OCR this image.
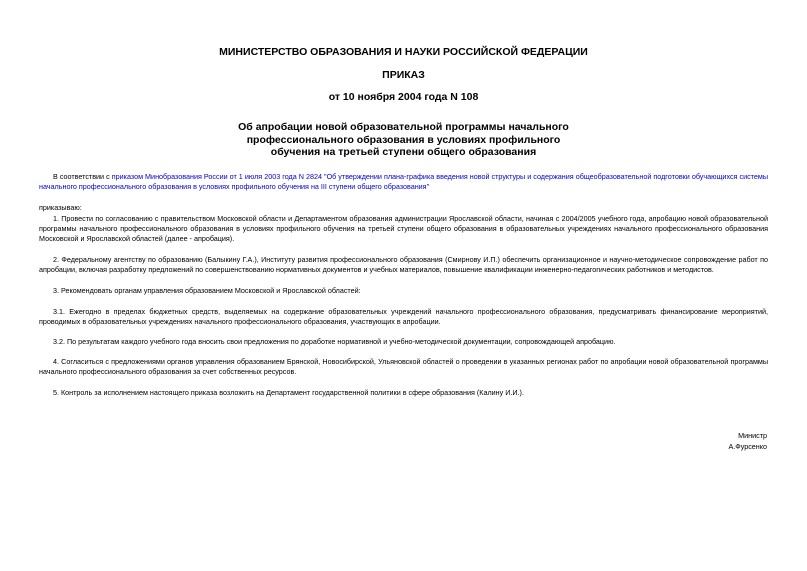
МИНИСТЕРСТВО ОБРАЗОВАНИЯ И НАУКИ РОССИЙСКОЙ ФЕДЕРАЦИИ
ПРИКАЗ
от 10 ноября 2004 года N 108
Об апробации новой образовательной программы начального
профессионального образования в условиях профильного
обучения на третьей ступени общего образования

В соответствии с приказом Минобразования России от 1 июля 2003 года N 2824 "Об утверждении плана-графика введения новой структуры и содержания общеобразовательной подготовки обучающихся системы начального профессионального образования в условиях профильного обучения на III ступени общего образования"

приказываю:

1. Провести по согласованию с правительством Московской области и Департаментом образования администрации Ярославской области, начиная с 2004/2005 учебного года, апробацию новой образовательной программы начального профессионального образования в условиях профильного обучения на третьей ступени общего образования в образовательных учреждениях начального профессионального образования Московской и Ярославской областей (далее - апробация).

2. Федеральному агентству по образованию (Балыкину Г.А.), Институту развития профессионального образования (Смирнову И.П.) обеспечить организационное и научно-методическое сопровождение работ по апробации, включая разработку предложений по совершенствованию нормативных документов и учебных материалов, повышение квалификации инженерно-педагогических работников и методистов.

3. Рекомендовать органам управления образованием Московской и Ярославской областей:

3.1. Ежегодно в пределах бюджетных средств, выделяемых на содержание образовательных учреждений начального профессионального образования, предусматривать финансирование мероприятий, проводимых в образовательных учреждениях начального профессионального образования, участвующих в апробации.

3.2. По результатам каждого учебного года вносить свои предложения по доработке нормативной и учебно-методической документации, сопровождающей апробацию.

4. Согласиться с предложениями органов управления образованием Брянской, Новосибирской, Ульяновской областей о проведении в указанных регионах работ по апробации новой образовательной программы начального профессионального образования за счет собственных ресурсов.

5. Контроль за исполнением настоящего приказа возложить на Департамент государственной политики в сфере образования (Калину И.И.).

Министр
А.Фурсенко
